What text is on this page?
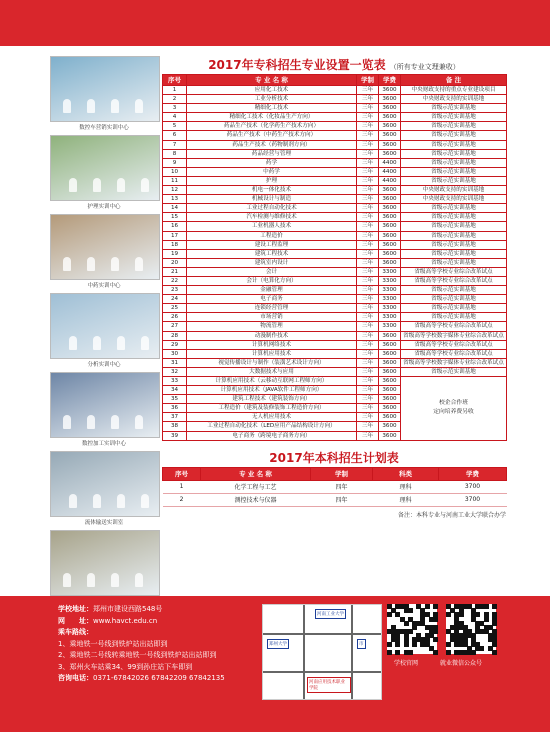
数控车营销实训中心
护理实训中心
中药实训中心
分析实训中心
数控加工实训中心
流体输送实训室
2017年专科招生专业设置一览表 （所有专业文理兼收）
序号	专 业 名 称	学制	学费	备 注
1	应用化工技术	三年	3600	中央财政支持的重点专业建设项目
2	工业分析技术	三年	3600	中央财政支持的实训基地
3	精细化工技术	三年	3600	省级示范实训基地
4	精细化工技术（化妆品生产方向）	三年	3600	省级示范实训基地
5	药品生产技术（化学药生产技术方向）	三年	3600	省级示范实训基地
6	药品生产技术（中药生产技术方向）	三年	3600	省级示范实训基地
7	药品生产技术（药物制剂方向）	三年	3600	省级示范实训基地
8	药品经营与管理	三年	3600	省级示范实训基地
9	药学	三年	4400	省级示范实训基地
10	中药学	三年	4400	省级示范实训基地
11	护理	三年	4400	省级示范实训基地
12	机电一体化技术	三年	3600	中央财政支持的实训基地
13	机械设计与制造	三年	3600	中央财政支持的实训基地
14	工业过程自动化技术	三年	3600	省级示范实训基地
15	汽车检测与维修技术	三年	3600	省级示范实训基地
16	工业机器人技术	三年	3600	省级示范实训基地
17	工程造价	三年	3600	省级示范实训基地
18	建设工程监理	三年	3600	省级示范实训基地
19	建筑工程技术	三年	3600	省级示范实训基地
20	建筑室内设计	三年	3600	省级示范实训基地
21	会计	三年	3300	省级高等学校专业综合改革试点
22	会计（电算化方向）	三年	3300	省级高等学校专业综合改革试点
23	金融管理	三年	3300	省级示范实训基地
24	电子商务	三年	3300	省级示范实训基地
25	连锁经营管理	三年	3300	省级示范实训基地
26	市场营销	三年	3300	省级示范实训基地
27	物流管理	三年	3300	省级高等学校专业综合改革试点
28	动漫制作技术	三年	3600	省级高等学校数字媒体专业综合改革试点
29	计算机网络技术	三年	3600	省级高等学校专业综合改革试点
30	计算机应用技术	三年	3600	省级高等学校专业综合改革试点
31	视觉传播设计与制作（装潢艺术设计方向）	三年	3600	省级高等学校数字媒体专业综合改革试点
32	大数据技术与应用	三年	3600	省级示范实训基地
33	计算机应用技术（云移动互联网工程师方向）	三年	3600	校企合作班
定向培养费另收

34	计算机应用技术（JAVA软件工程师方向）	三年	3600	
35	建筑工程技术（建筑装饰方向）	三年	3600	
36	工程造价（建筑及装修装饰工程造价方向）	三年	3600	
37	无人机应用技术	三年	3600	
38	工业过程自动化技术（LED应用产品结构设计方向）	三年	3600	
39	电子商务（跨境电子商务方向）	三年	3600	
2017年本科招生计划表
序号	专 业 名 称	学制	科类	学费
1	化学工程与工艺	四年	理科	3700
2	测控技术与仪器	四年	理科	3700
备注：本科专业与河南工业大学联合办学
学校地址：郑州市建设西路548号
网　　址：www.havct.edu.cn
乘车路线：
1、乘地铁一号线到铁炉站出站即到
2、乘地铁二号线转乘地铁一号线到铁炉站出站即到
3、郑州火车站乘34、99到孙庄站下车即到
咨询电话：0371-67842026 67842209 67842135
河南工业大学
郑州大学	市
河南应用技术职业学院
学校官网	就业微信公众号
